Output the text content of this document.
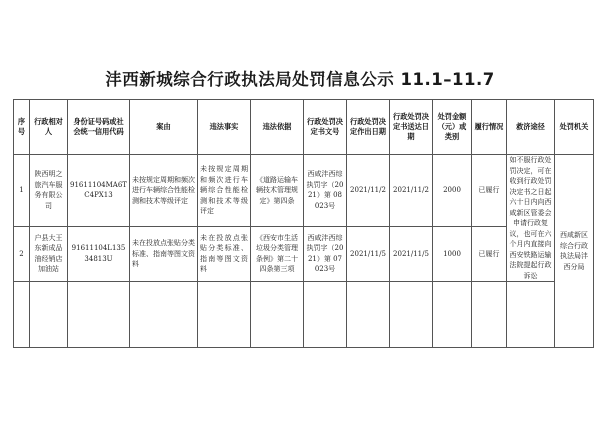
沣西新城综合行政执法局处罚信息公示 11.1–11.7
序号	行政相对人	身份证号码或社会统一信用代码	案由	违法事实	违法依据	行政处罚决定书文号	行政处罚决定作出日期	行政处罚决定书送达日期	处罚金额（元）或类别	履行情况	救济途径	处罚机关
1	陕西明之旅汽车服务有限公司	91611104MA6TC4PX13	未按规定周期和频次进行车辆综合性能检测和技术等级评定	未按规定周期和频次进行车辆综合性能检测和技术等级评定	《道路运输车辆技术管理规定》第四条	西咸沣西综执罚字（2021）第 08023号	2021/11/2	2021/11/2	2000	已履行	如不服行政处罚决定，可在收到行政处罚决定书之日起六十日内向西咸新区管委会申请行政复议，也可在六个月内直接向西安铁路运输法院提起行政诉讼	西咸新区综合行政执法局沣西分局
2	户县大王东新成品油经销店加油站	91611104L13534813U	未在投放点张贴分类标准、指南等图文资料	未在投放点张贴分类标准、指南等图文资料	《西安市生活垃圾分类管理条例》第二十四条第三项	西咸沣西综执罚字（2021）第 07023号	2021/11/5	2021/11/5	1000	已履行		
